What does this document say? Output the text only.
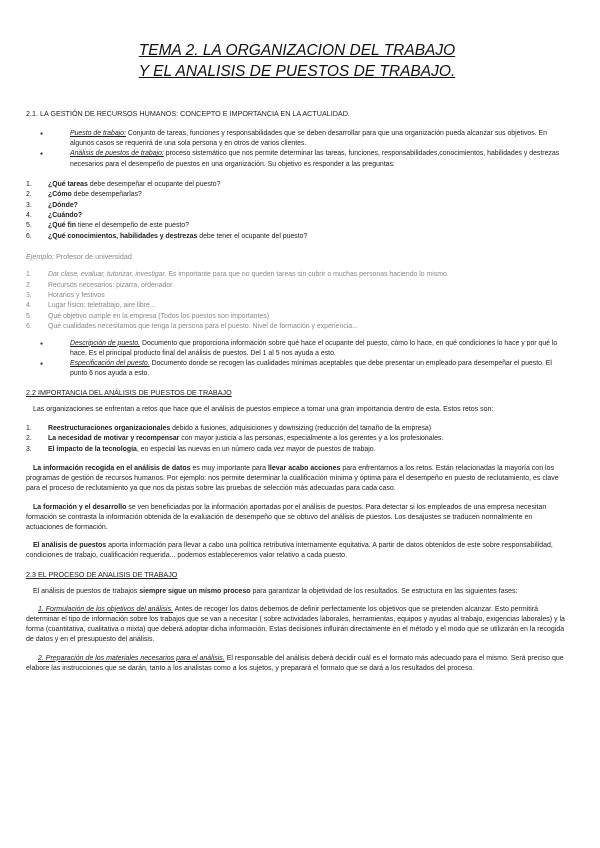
TEMA 2. LA ORGANIZACION DEL TRABAJO
Y EL ANALISIS DE PUESTOS DE TRABAJO.

2.1. LA GESTIÓN DE RECURSOS HUMANOS: CONCEPTO E IMPORTANCIA EN LA ACTUALIDAD.

● Puesto de trabajo: Conjunto de tareas, funciones y responsabilidades que se deben desarrollar para que una organización pueda alcanzar sus objetivos. En algunos casos se requerirá de una sola persona y en otros de varios clientes.
● Análisis de puestos de trabajo: proceso sistemático que nos permite determinar las tareas, funciones, responsabilidades,conocimientos, habilidades y destrezas necesarios para el desempeño de puestos en una organización. Su objetivo es responder a las preguntas:
1.	¿Qué tareas debe desempeñar el ocupante del puesto?
2.	¿Cómo debe desempeñarlas?
3.	¿Dónde?
4.	¿Cuándo?
5.	¿Qué fin tiene el desempeño de este puesto?
6.	¿Qué conocimientos, habilidades y destrezas debe tener el ocupante del puesto?

Ejemplo: Profesor de universidad

1.	Dar clase, evaluar, tutorizar, investigar. Es importante para que no queden tareas sin cubrir o muchas personas haciendo lo mismo.
2.	Recursos necesarios: pizarra, ordenador.
3.	Horarios y festivos
4.	Lugar físico: teletrabajo, aire libre...
5.	Qué objetivo cumple en la empresa (Todos los puestos son importantes)
6.	Qué cualidades necesitamos que tenga la persona para el puesto. Nivel de formación y experiencia...
● Descripción de puesto. Documento que proporciona información sobre qué hace el ocupante del puesto, cómo lo hace, en qué condiciones lo hace y por qué lo hace. Es el principal producto final del análisis de puestos. Del 1 al 5 nos ayuda a esto.
● Especificación del puesto. Documento donde se recogen las cualidades mínimas aceptables que debe presentar un empleado para desempeñar el puesto. El punto 6 nos ayuda a esto.

2.2 IMPORTANCIA DEL ANÁLISIS DE PUESTOS DE TRABAJO

Las organizaciones se enfrentan a retos que hace que el análisis de puestos empiece a tomar una gran importancia dentro de esta. Estos retos son:

1.	Reestructuraciones organizacionales debido a fusiones, adquisiciones y downsizing (reducción del tamaño de la empresa)
2.	La necesidad de motivar y recompensar con mayor justicia a las personas, especialmente a los gerentes y a los profesionales.
3.	El impacto de la tecnología, en especial las nuevas en un número cada vez mayor de puestos de trabajo.

La información recogida en el análisis de datos es muy importante para llevar acabo acciones para enfrentarnos a los retos. Están relacionadas la mayoría con los programas de gestión de recursos humanos. Por ejemplo: nos permite determinar la cualificación mínima y óptima para el desempeño en puesto de reclutamiento, es clave para el proceso de reclutamiento ya que nos da pistas sobre las pruebas de selección más adecuadas para cada caso.

La formación y el desarrollo se ven beneficiadas por la información aportadas por el análisis de puestos. Para detectar si los empleados de una empresa necesitan formación se contrasta la información obtenida de la evaluación de desempeño que se obtuvo del análisis de puestos. Los desajustes se traducen normalmente en actuaciones de formación.

El análisis de puestos aporta información para llevar a cabo una política retributiva internamente equitativa. A partir de datos obtenidos de este sobre responsabilidad, condiciones de trabajo, cualificación requerida... podemos estableceremos valor relativo a cada puesto.

2.3 EL PROCESO DE ANALISIS DE TRABAJO

El análisis de puestos de trabajos siempre sigue un mismo proceso para garantizar la objetividad de los resultados. Se estructura en las siguientes fases:

1. Formulación de los objetivos del análisis. Antes de recoger los datos debemos de definir perfectamente los objetivos que se pretenden alcanzar. Esto permitirá determinar el tipo de información sobre los trabajos que se van a necesitar ( sobre actividades laborales, herramientas, equipos y ayudas al trabajo, exigencias laborales) y la forma (cuantitativa, cualitativa o mixta) que deberá adoptar dicha información. Estas decisiones influirán directamente en el método y el modo que se utilizarán en la recogida de datos y en el presupuesto del análisis.

2. Preparación de los materiales necesarios para el análisis. El responsable del análisis deberá decidir cuál es el formato más adecuado para el mismo. Será preciso que elabore las instrucciones que se darán, tanto a los analistas como a los sujetos, y preparará el formato que se dará a los resultados del proceso.
